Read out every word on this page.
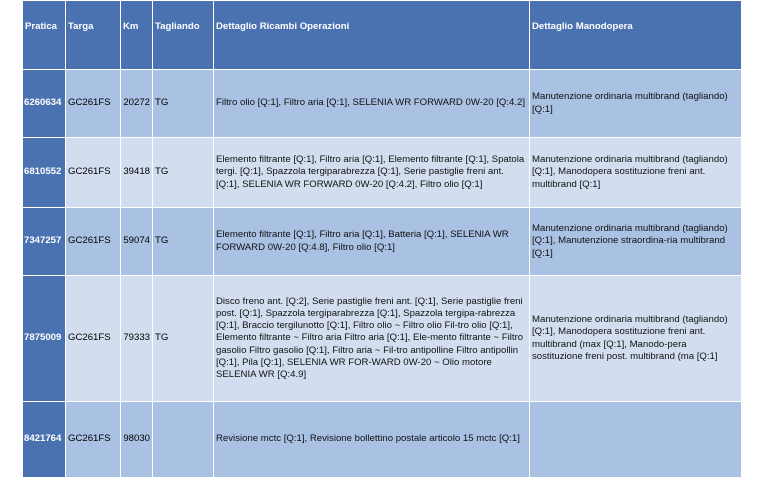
Pratica	Targa	Km	Tagliando	Dettaglio Ricambi Operazioni	Dettaglio Manodopera
6260634	GC261FS	20272	TG	Filtro olio [Q:1], Filtro aria [Q:1], SELENIA WR FORWARD 0W-20 [Q:4.2]	Manutenzione ordinaria multibrand (tagliando) [Q:1]
6810552	GC261FS	39418	TG	Elemento filtrante [Q:1], Filtro aria [Q:1], Elemento filtrante [Q:1], Spatola tergi. [Q:1], Spazzola tergiparabrezza [Q:1], Serie pastiglie freni ant. [Q:1], SELENIA WR FORWARD 0W-20 [Q:4.2], Filtro olio [Q:1]	Manutenzione ordinaria multibrand (tagliando) [Q:1], Manodopera sostituzione freni ant. multibrand [Q:1]
7347257	GC261FS	59074	TG	Elemento filtrante [Q:1], Filtro aria [Q:1], Batteria [Q:1], SELENIA WR FORWARD 0W-20 [Q:4.8], Filtro olio [Q:1]	Manutenzione ordinaria multibrand (tagliando) [Q:1], Manutenzione straordina-ria multibrand [Q:1]
7875009	GC261FS	79333	TG	Disco freno ant. [Q:2], Serie pastiglie freni ant. [Q:1], Serie pastiglie freni post. [Q:1], Spazzola tergiparabrezza [Q:1], Spazzola tergipa-rabrezza [Q:1], Braccio tergilunotto [Q:1], Filtro olio ~ Filtro olio Fil-tro olio [Q:1], Elemento filtrante ~ Filtro aria Filtro aria [Q:1], Ele-mento filtrante ~ Filtro gasolio Filtro gasolio [Q:1], Filtro aria ~ Fil-tro antipolline Filtro antipollin [Q:1], Pila [Q:1], SELENIA WR FOR-WARD 0W-20 ~ Olio motore SELENIA WR [Q:4.9]	Manutenzione ordinaria multibrand (tagliando) [Q:1], Manodopera sostituzione freni ant. multibrand (max [Q:1], Manodo-pera sostituzione freni post. multibrand (ma [Q:1]
8421764	GC261FS	98030		Revisione mctc [Q:1], Revisione bollettino postale articolo 15 mctc [Q:1]	
